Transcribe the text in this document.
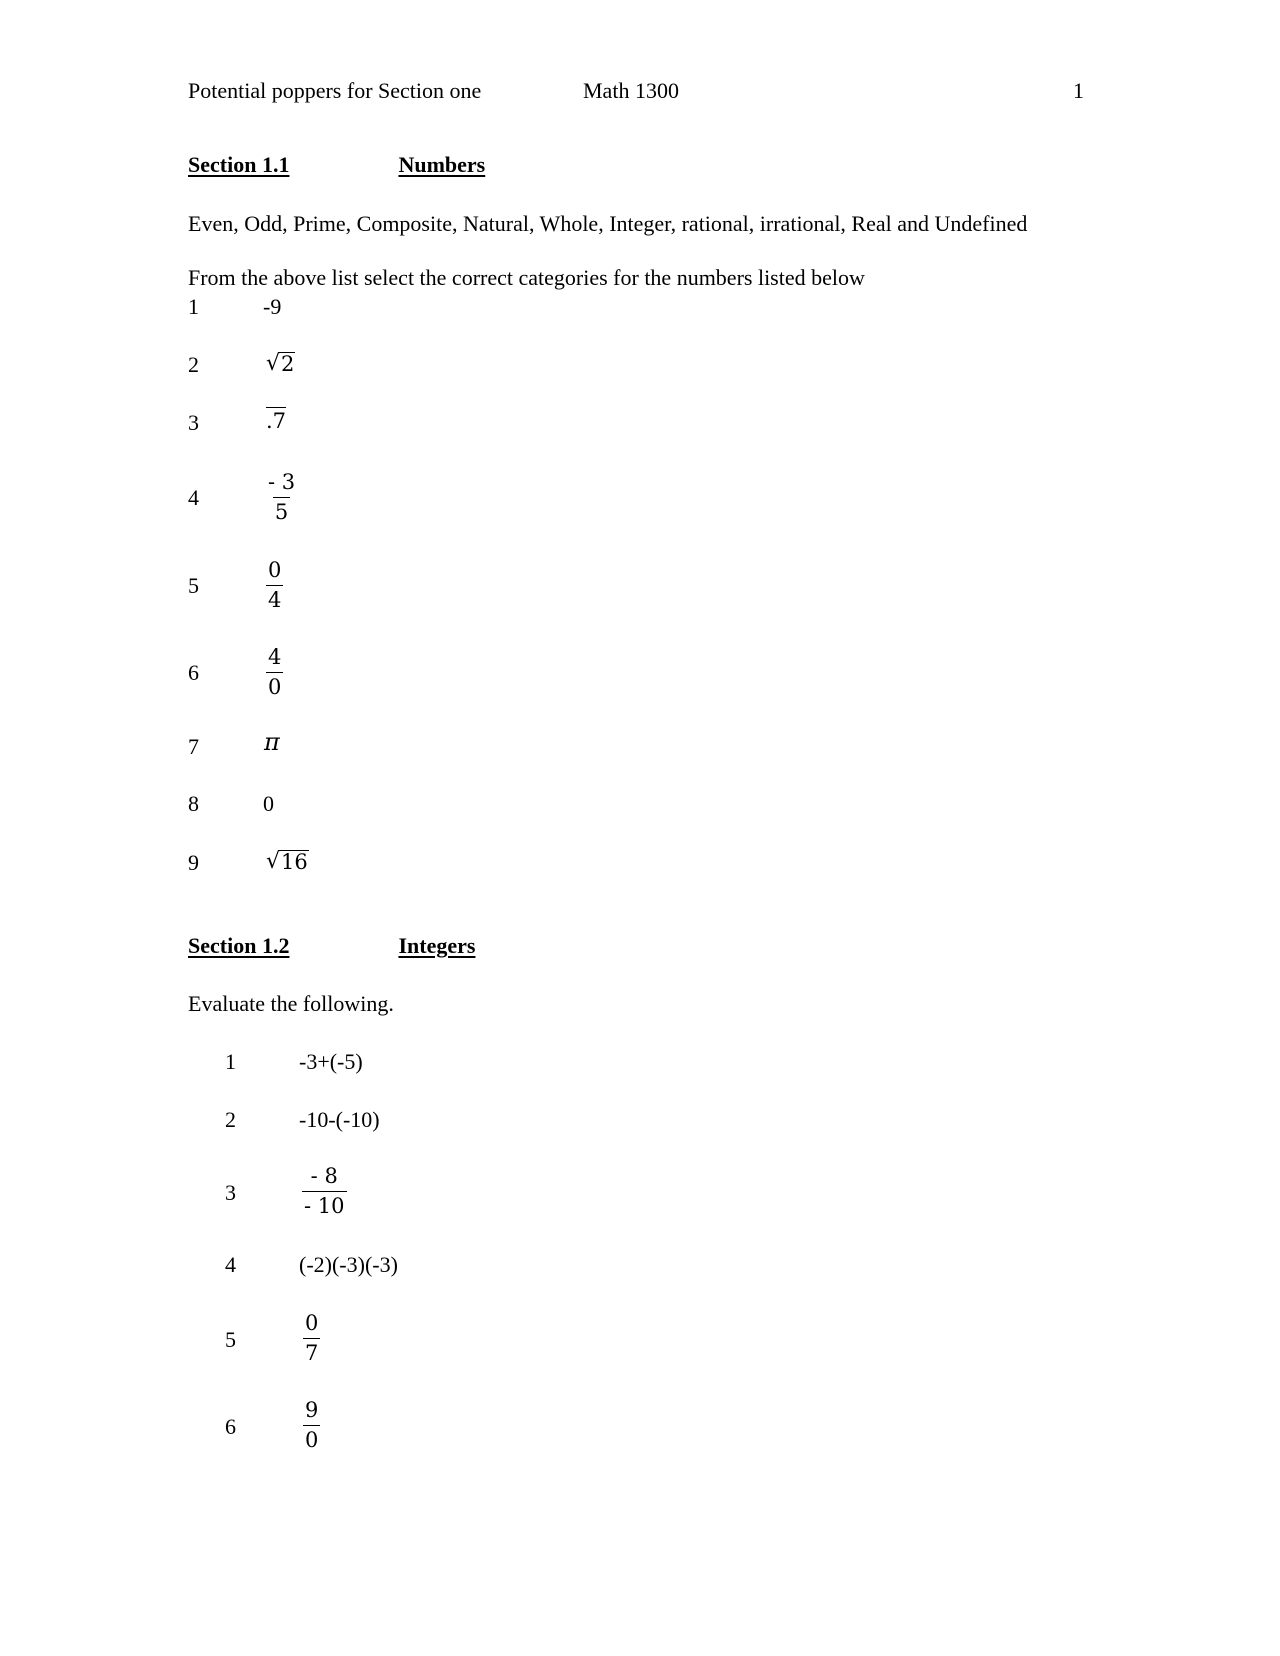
Potential poppers for Section one	Math 1300	1
Section 1.1	Numbers
Even, Odd, Prime, Composite, Natural, Whole, Integer, rational, irrational, Real and Undefined
From the above list select the correct categories for the numbers listed below
1	-9
2	√ 2
3	.7
4	$\frac{- 3}{5}$
5	$\frac{0}{4}$
6	$\frac{4}{0}$
7	π
8	0
9	√ 16
Section 1.2	Integers
Evaluate the following.
1	-3+(-5)
2	-10-(-10)
3	$\frac{- 8}{- 10}$
4	(-2)(-3)(-3)
5	$\frac{0}{7}$
6	$\frac{9}{0}$
